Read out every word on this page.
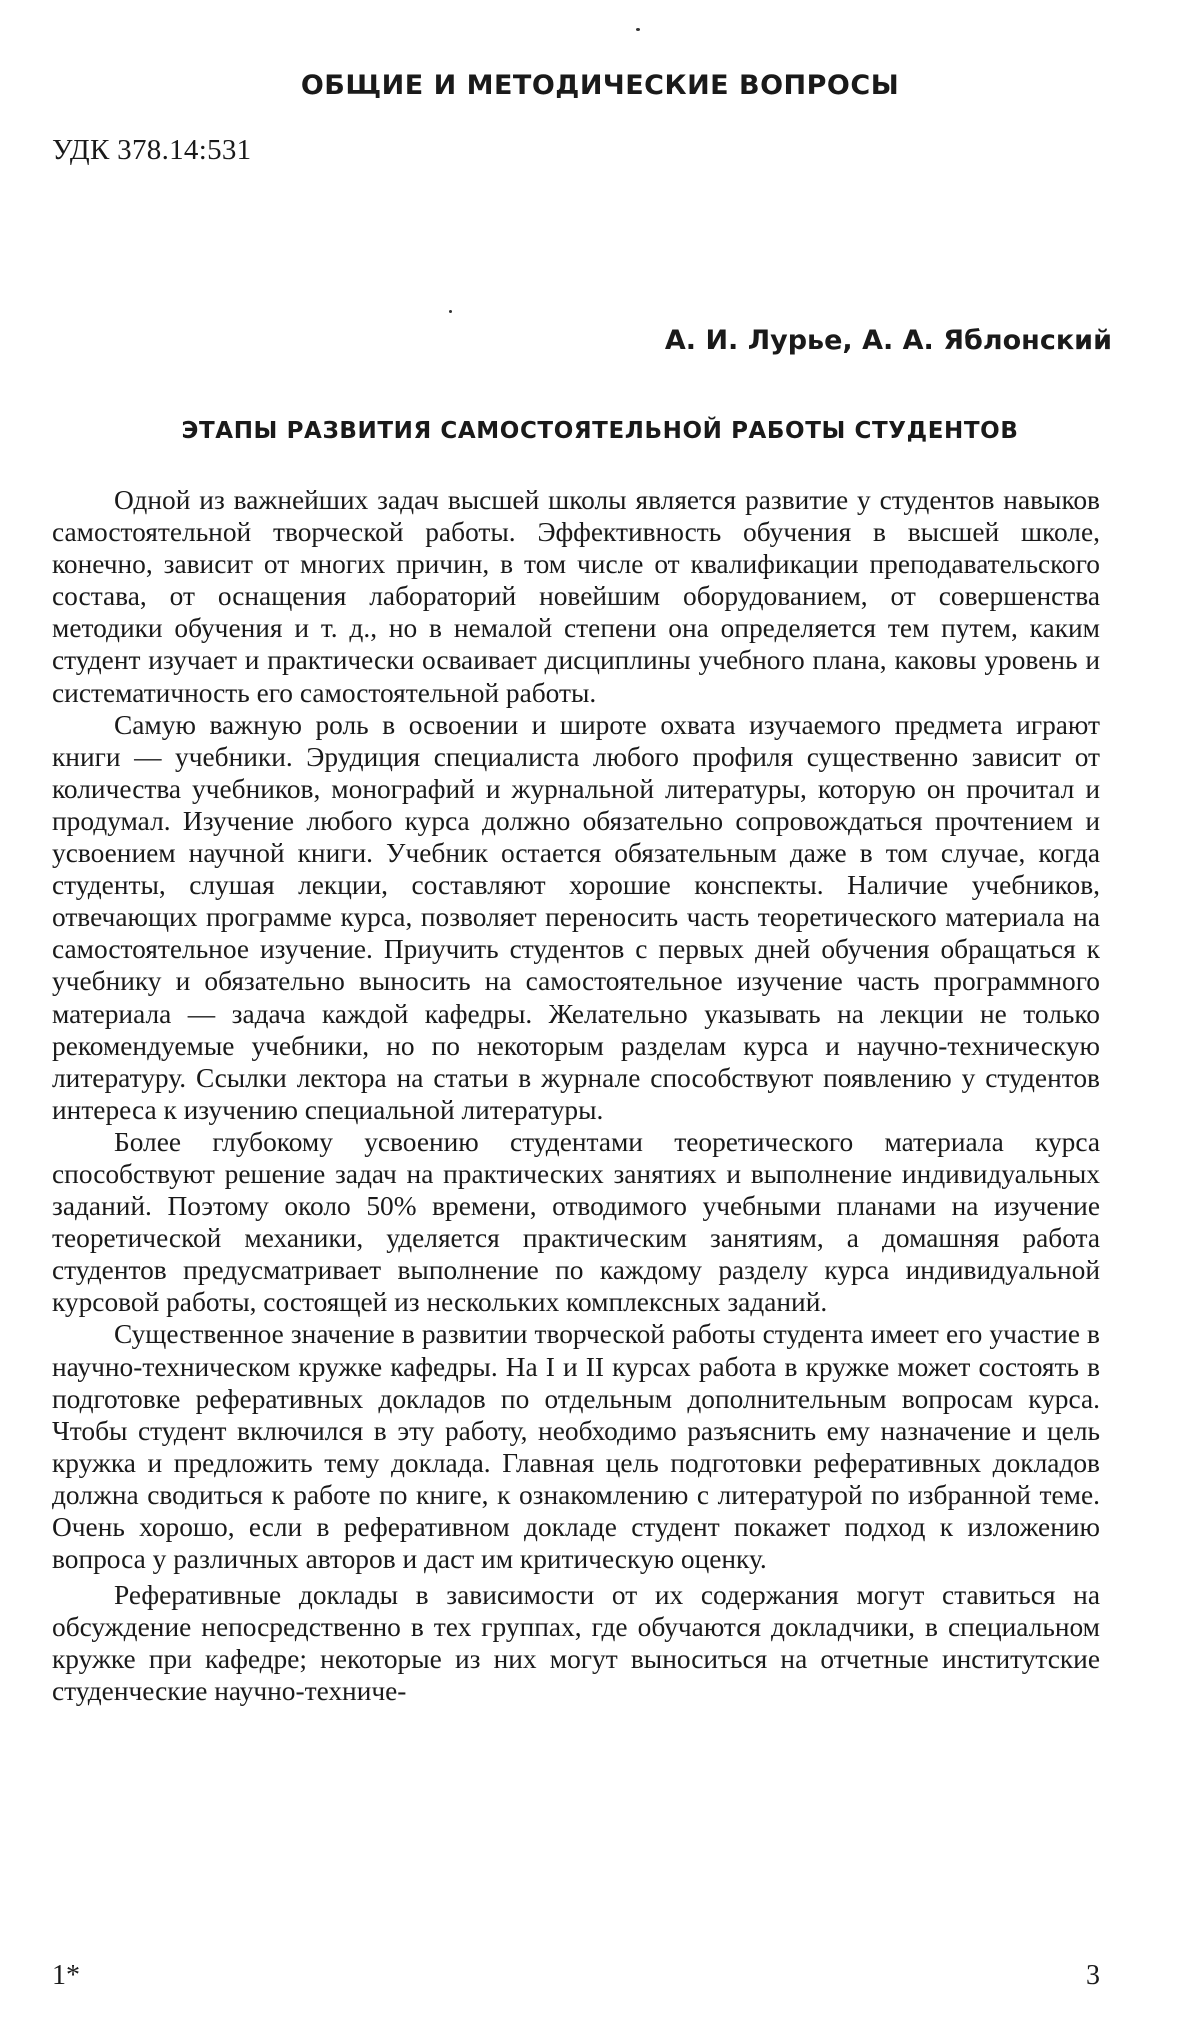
ОБЩИЕ И МЕТОДИЧЕСКИЕ ВОПРОСЫ
УДК 378.14:531
А. И. Лурье, А. А. Яблонский
ЭТАПЫ РАЗВИТИЯ САМОСТОЯТЕЛЬНОЙ РАБОТЫ СТУДЕНТОВ

Одной из важнейших задач высшей школы является развитие у студентов навыков самостоятельной творческой работы. Эффективность обучения в высшей школе, конечно, зависит от многих причин, в том числе от квалификации преподавательского состава, от оснащения лабораторий новейшим оборудованием, от совершенства методики обучения и т. д., но в немалой степени она определяется тем путем, каким студент изучает и практически осваивает дисциплины учебного плана, каковы уровень и систематичность его самостоятельной работы.

Самую важную роль в освоении и широте охвата изучаемого предмета играют книги — учебники. Эрудиция специалиста любого профиля существенно зависит от количества учебников, монографий и журнальной литературы, которую он прочитал и продумал. Изучение любого курса должно обязательно сопровождаться прочтением и усвоением научной книги. Учебник остается обязательным даже в том случае, когда студенты, слушая лекции, составляют хорошие конспекты. Наличие учебников, отвечающих программе курса, позволяет переносить часть теоретического материала на самостоятельное изучение. Приучить студентов с первых дней обучения обращаться к учебнику и обязательно выносить на самостоятельное изучение часть программного материала — задача каждой кафедры. Желательно указывать на лекции не только рекомендуемые учебники, но по некоторым разделам курса и научно-техническую литературу. Ссылки лектора на статьи в журнале способствуют появлению у студентов интереса к изучению специальной литературы.

Более глубокому усвоению студентами теоретического материала курса способствуют решение задач на практических занятиях и выполнение индивидуальных заданий. Поэтому около 50% времени, отводимого учебными планами на изучение теоретической механики, уделяется практическим занятиям, а домашняя работа студентов предусматривает выполнение по каждому разделу курса индивидуальной курсовой работы, состоящей из нескольких комплексных заданий.

Существенное значение в развитии творческой работы студента имеет его участие в научно-техническом кружке кафедры. На I и II курсах работа в кружке может состоять в подготовке реферативных докладов по отдельным дополнительным вопросам курса. Чтобы студент включился в эту работу, необходимо разъяснить ему назначение и цель кружка и предложить тему доклада. Главная цель подготовки реферативных докладов должна сводиться к работе по книге, к ознакомлению с литературой по избранной теме. Очень хорошо, если в реферативном докладе студент покажет подход к изложению вопроса у различных авторов и даст им критическую оценку.

Реферативные доклады в зависимости от их содержания могут ставиться на обсуждение непосредственно в тех группах, где обучаются докладчики, в специальном кружке при кафедре; некоторые из них могут выноситься на отчетные институтские студенческие научно-техниче-

1*	3
